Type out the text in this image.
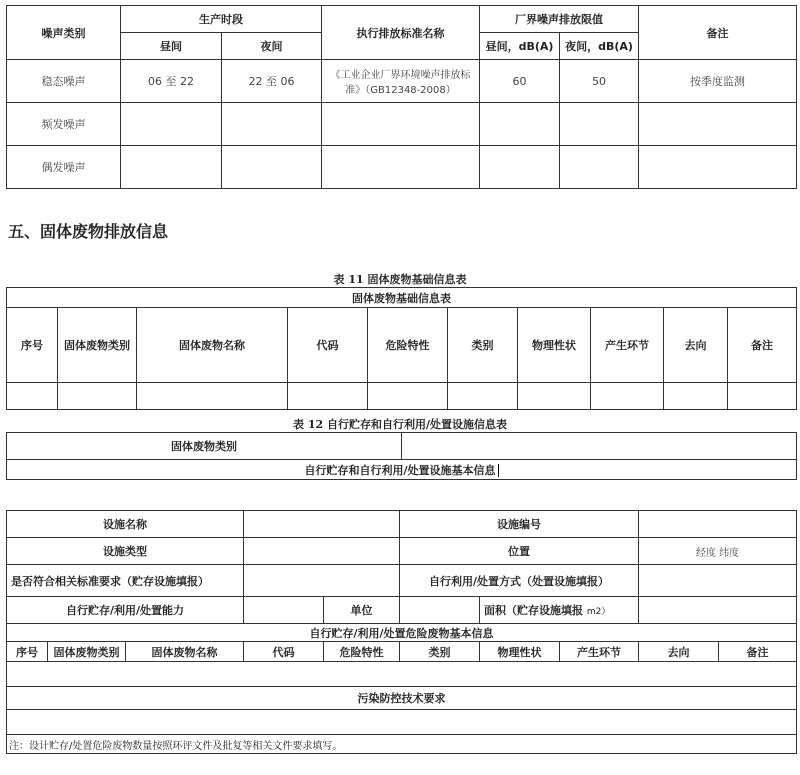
噪声类别	生产时段		执行排放标准名称	厂界噪声排放限值		备注
	昼间	夜间		昼间，dB(A)	夜间，dB(A)	
稳态噪声	06 至 22	22 至 06	《工业企业厂界环境噪声排放标准》（GB12348-2008）	60	50	按季度监测
频发噪声						
偶发噪声						
五、固体废物排放信息
表 11 固体废物基础信息表
固体废物基础信息表									
序号	固体废物类别	固体废物名称	代码	危险特性	类别	物理性状	产生环节	去向	备注

表 12 自行贮存和自行利用/处置设施信息表
固体废物类别	
自行贮存和自行利用/处置设施基本信息
设施名称					设施编号				
设施类型					位置			经度 纬度	
是否符合相关标准要求（贮存设施填报）					自行利用/处置方式（处置设施填报）				
自行贮存/利用/处置能力				单位		面积（贮存设施填报 m2）			
自行贮存/利用/处置危险废物基本信息									
序号	固体废物类别	固体废物名称	代码	危险特性	类别	物理性状	产生环节	去向	备注

污染防控技术要求									

注：设计贮存/处置危险废物数量按照环评文件及批复等相关文件要求填写。									
